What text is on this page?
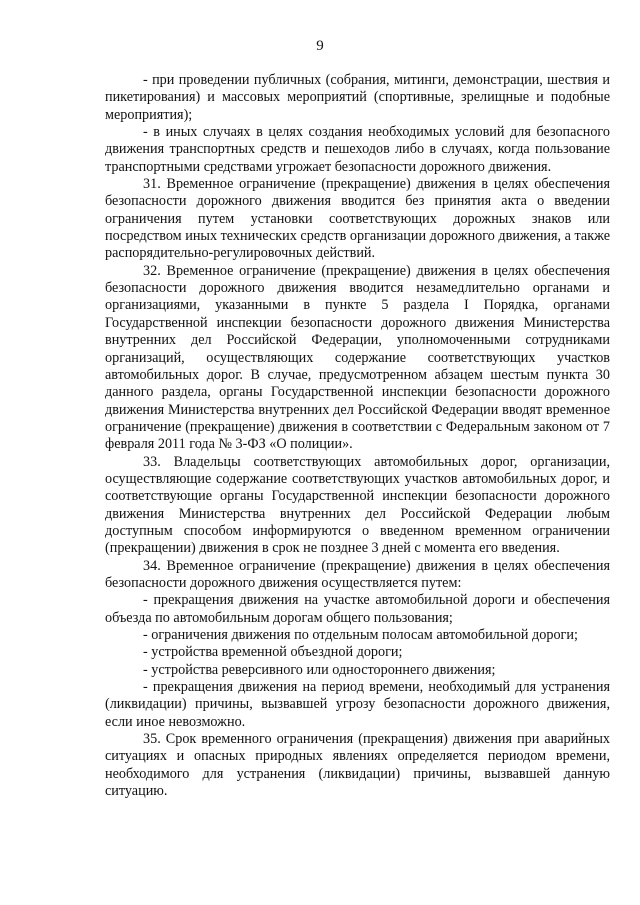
9

- при проведении публичных (собрания, митинги, демонстрации, шествия и пикетирования) и массовых мероприятий (спортивные, зрелищные и подобные мероприятия);

- в иных случаях в целях создания необходимых условий для безопасного движения транспортных средств и пешеходов либо в случаях, когда пользование транспортными средствами угрожает безопасности дорожного движения.

31. Временное ограничение (прекращение) движения в целях обеспечения безопасности дорожного движения вводится без принятия акта о введении ограничения путем установки соответствующих дорожных знаков или посредством иных технических средств организации дорожного движения, а также распорядительно-регулировочных действий.

32. Временное ограничение (прекращение) движения в целях обеспечения безопасности дорожного движения вводится незамедлительно органами и организациями, указанными в пункте 5 раздела I Порядка, органами Государственной инспекции безопасности дорожного движения Министерства внутренних дел Российской Федерации, уполномоченными сотрудниками организаций, осуществляющих содержание соответствующих участков автомобильных дорог. В случае, предусмотренном абзацем шестым пункта 30 данного раздела, органы Государственной инспекции безопасности дорожного движения Министерства внутренних дел Российской Федерации вводят временное ограничение (прекращение) движения в соответствии с Федеральным законом от 7 февраля 2011 года № 3-ФЗ «О полиции».

33. Владельцы соответствующих автомобильных дорог, организации, осуществляющие содержание соответствующих участков автомобильных дорог, и соответствующие органы Государственной инспекции безопасности дорожного движения Министерства внутренних дел Российской Федерации любым доступным способом информируются о введенном временном ограничении (прекращении) движения в срок не позднее 3 дней с момента его введения.

34. Временное ограничение (прекращение) движения в целях обеспечения безопасности дорожного движения осуществляется путем:

- прекращения движения на участке автомобильной дороги и обеспечения объезда по автомобильным дорогам общего пользования;

- ограничения движения по отдельным полосам автомобильной дороги;

- устройства временной объездной дороги;

- устройства реверсивного или одностороннего движения;

- прекращения движения на период времени, необходимый для устранения (ликвидации) причины, вызвавшей угрозу безопасности дорожного движения, если иное невозможно.

35. Срок временного ограничения (прекращения) движения при аварийных ситуациях и опасных природных явлениях определяется периодом времени, необходимого для устранения (ликвидации) причины, вызвавшей данную ситуацию.
